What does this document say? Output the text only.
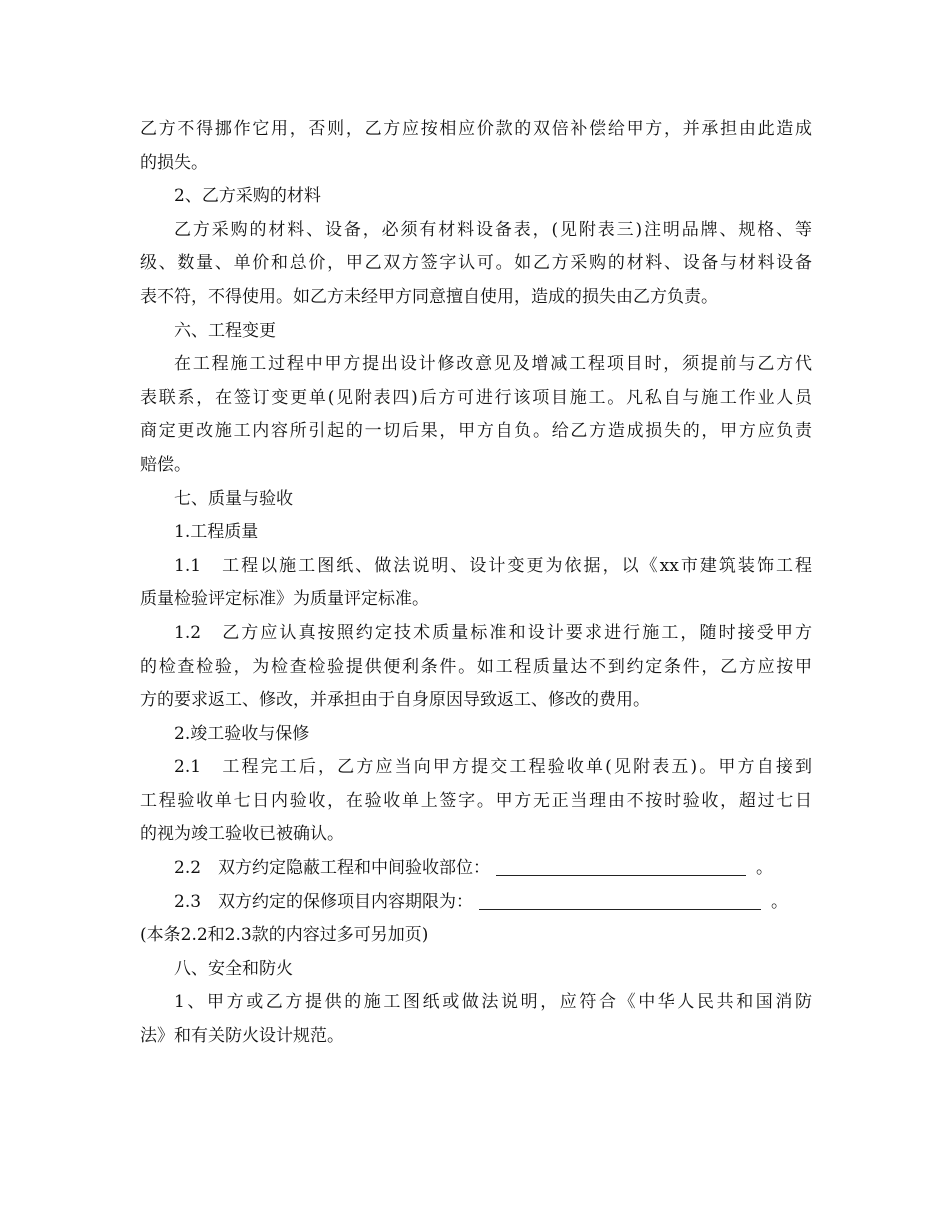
乙方不得挪作它用，否则，乙方应按相应价款的双倍补偿给甲方，并承担由此造成
的损失。
2、乙方采购的材料
乙方采购的材料、设备，必须有材料设备表，(见附表三)注明品牌、规格、等
级、数量、单价和总价，甲乙双方签字认可。如乙方采购的材料、设备与材料设备
表不符，不得使用。如乙方未经甲方同意擅自使用，造成的损失由乙方负责。
六、工程变更
在工程施工过程中甲方提出设计修改意见及增减工程项目时，须提前与乙方代
表联系，在签订变更单(见附表四)后方可进行该项目施工。凡私自与施工作业人员
商定更改施工内容所引起的一切后果，甲方自负。给乙方造成损失的，甲方应负责
赔偿。
七、质量与验收
1.工程质量
1.1　工程以施工图纸、做法说明、设计变更为依据，以《xx市建筑装饰工程
质量检验评定标准》为质量评定标准。
1.2　乙方应认真按照约定技术质量标准和设计要求进行施工，随时接受甲方
的检查检验，为检查检验提供便利条件。如工程质量达不到约定条件，乙方应按甲
方的要求返工、修改，并承担由于自身原因导致返工、修改的费用。
2.竣工验收与保修
2.1　工程完工后，乙方应当向甲方提交工程验收单(见附表五)。甲方自接到
工程验收单七日内验收，在验收单上签字。甲方无正当理由不按时验收，超过七日
的视为竣工验收已被确认。
2.2　双方约定隐蔽工程和中间验收部位：	。
2.3　双方约定的保修项目内容期限为：	。
(本条2.2和2.3款的内容过多可另加页)
八、安全和防火
1、甲方或乙方提供的施工图纸或做法说明，应符合《中华人民共和国消防
法》和有关防火设计规范。
